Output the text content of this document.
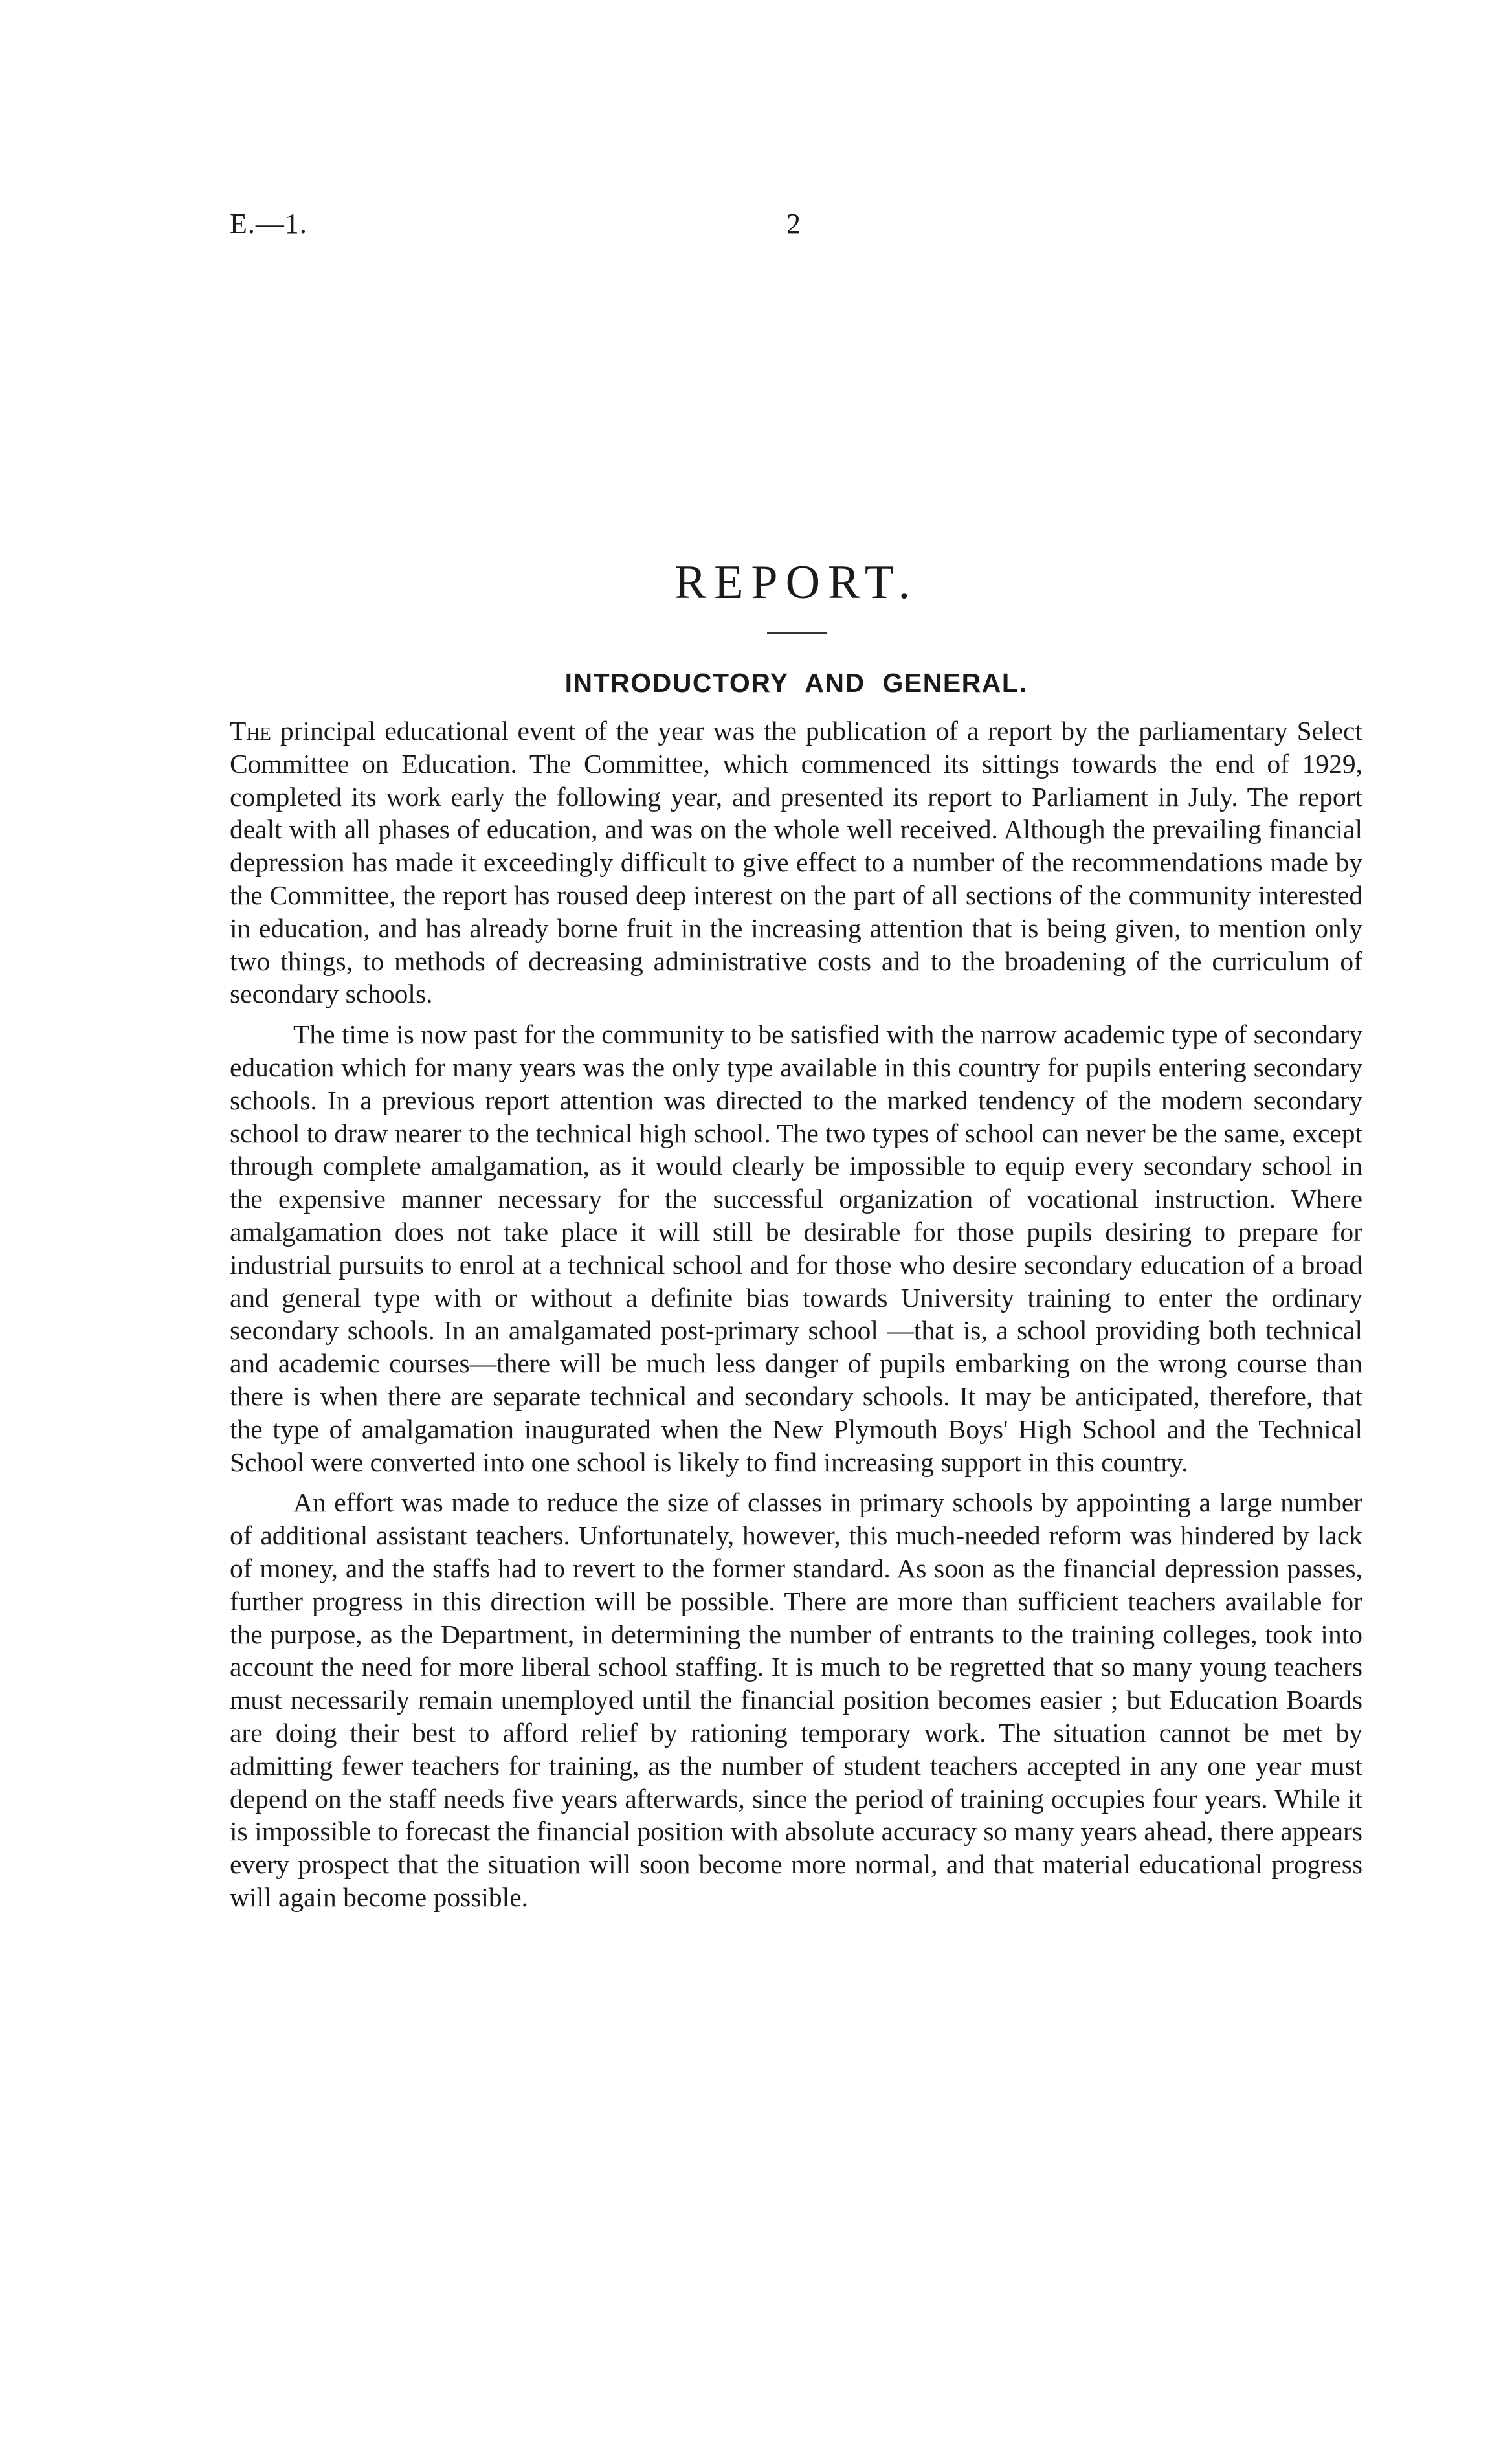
E.—1.	2
REPORT.
INTRODUCTORY AND GENERAL.

The principal educational event of the year was the publication of a report by the parliamentary Select Committee on Education. The Committee, which commenced its sittings towards the end of 1929, completed its work early the following year, and presented its report to Parliament in July. The report dealt with all phases of education, and was on the whole well received. Although the prevailing financial depression has made it exceedingly difficult to give effect to a number of the recommendations made by the Committee, the report has roused deep interest on the part of all sections of the community interested in education, and has already borne fruit in the increasing attention that is being given, to mention only two things, to methods of decreasing administrative costs and to the broadening of the curriculum of secondary schools.

The time is now past for the community to be satisfied with the narrow academic type of secondary education which for many years was the only type available in this country for pupils entering secondary schools. In a previous report attention was directed to the marked tendency of the modern secondary school to draw nearer to the technical high school. The two types of school can never be the same, except through complete amalgamation, as it would clearly be impossible to equip every secondary school in the expensive manner necessary for the successful organization of vocational instruction. Where amalgamation does not take place it will still be desirable for those pupils desiring to prepare for industrial pursuits to enrol at a technical school and for those who desire secondary education of a broad and general type with or without a definite bias towards University training to enter the ordinary secondary schools. In an amalgamated post-primary school —that is, a school providing both technical and academic courses—there will be much less danger of pupils embarking on the wrong course than there is when there are separate technical and secondary schools. It may be anticipated, therefore, that the type of amalgamation inaugurated when the New Plymouth Boys' High School and the Technical School were converted into one school is likely to find increasing support in this country.

An effort was made to reduce the size of classes in primary schools by appointing a large number of additional assistant teachers. Unfortunately, however, this much-needed reform was hindered by lack of money, and the staffs had to revert to the former standard. As soon as the financial depression passes, further progress in this direction will be possible. There are more than sufficient teachers available for the purpose, as the Department, in determining the number of entrants to the training colleges, took into account the need for more liberal school staffing. It is much to be regretted that so many young teachers must necessarily remain unemployed until the financial position becomes easier ; but Education Boards are doing their best to afford relief by rationing temporary work. The situation cannot be met by admitting fewer teachers for training, as the number of student teachers accepted in any one year must depend on the staff needs five years afterwards, since the period of training occupies four years. While it is impossible to forecast the financial position with absolute accuracy so many years ahead, there appears every prospect that the situation will soon become more normal, and that material educational progress will again become possible.
